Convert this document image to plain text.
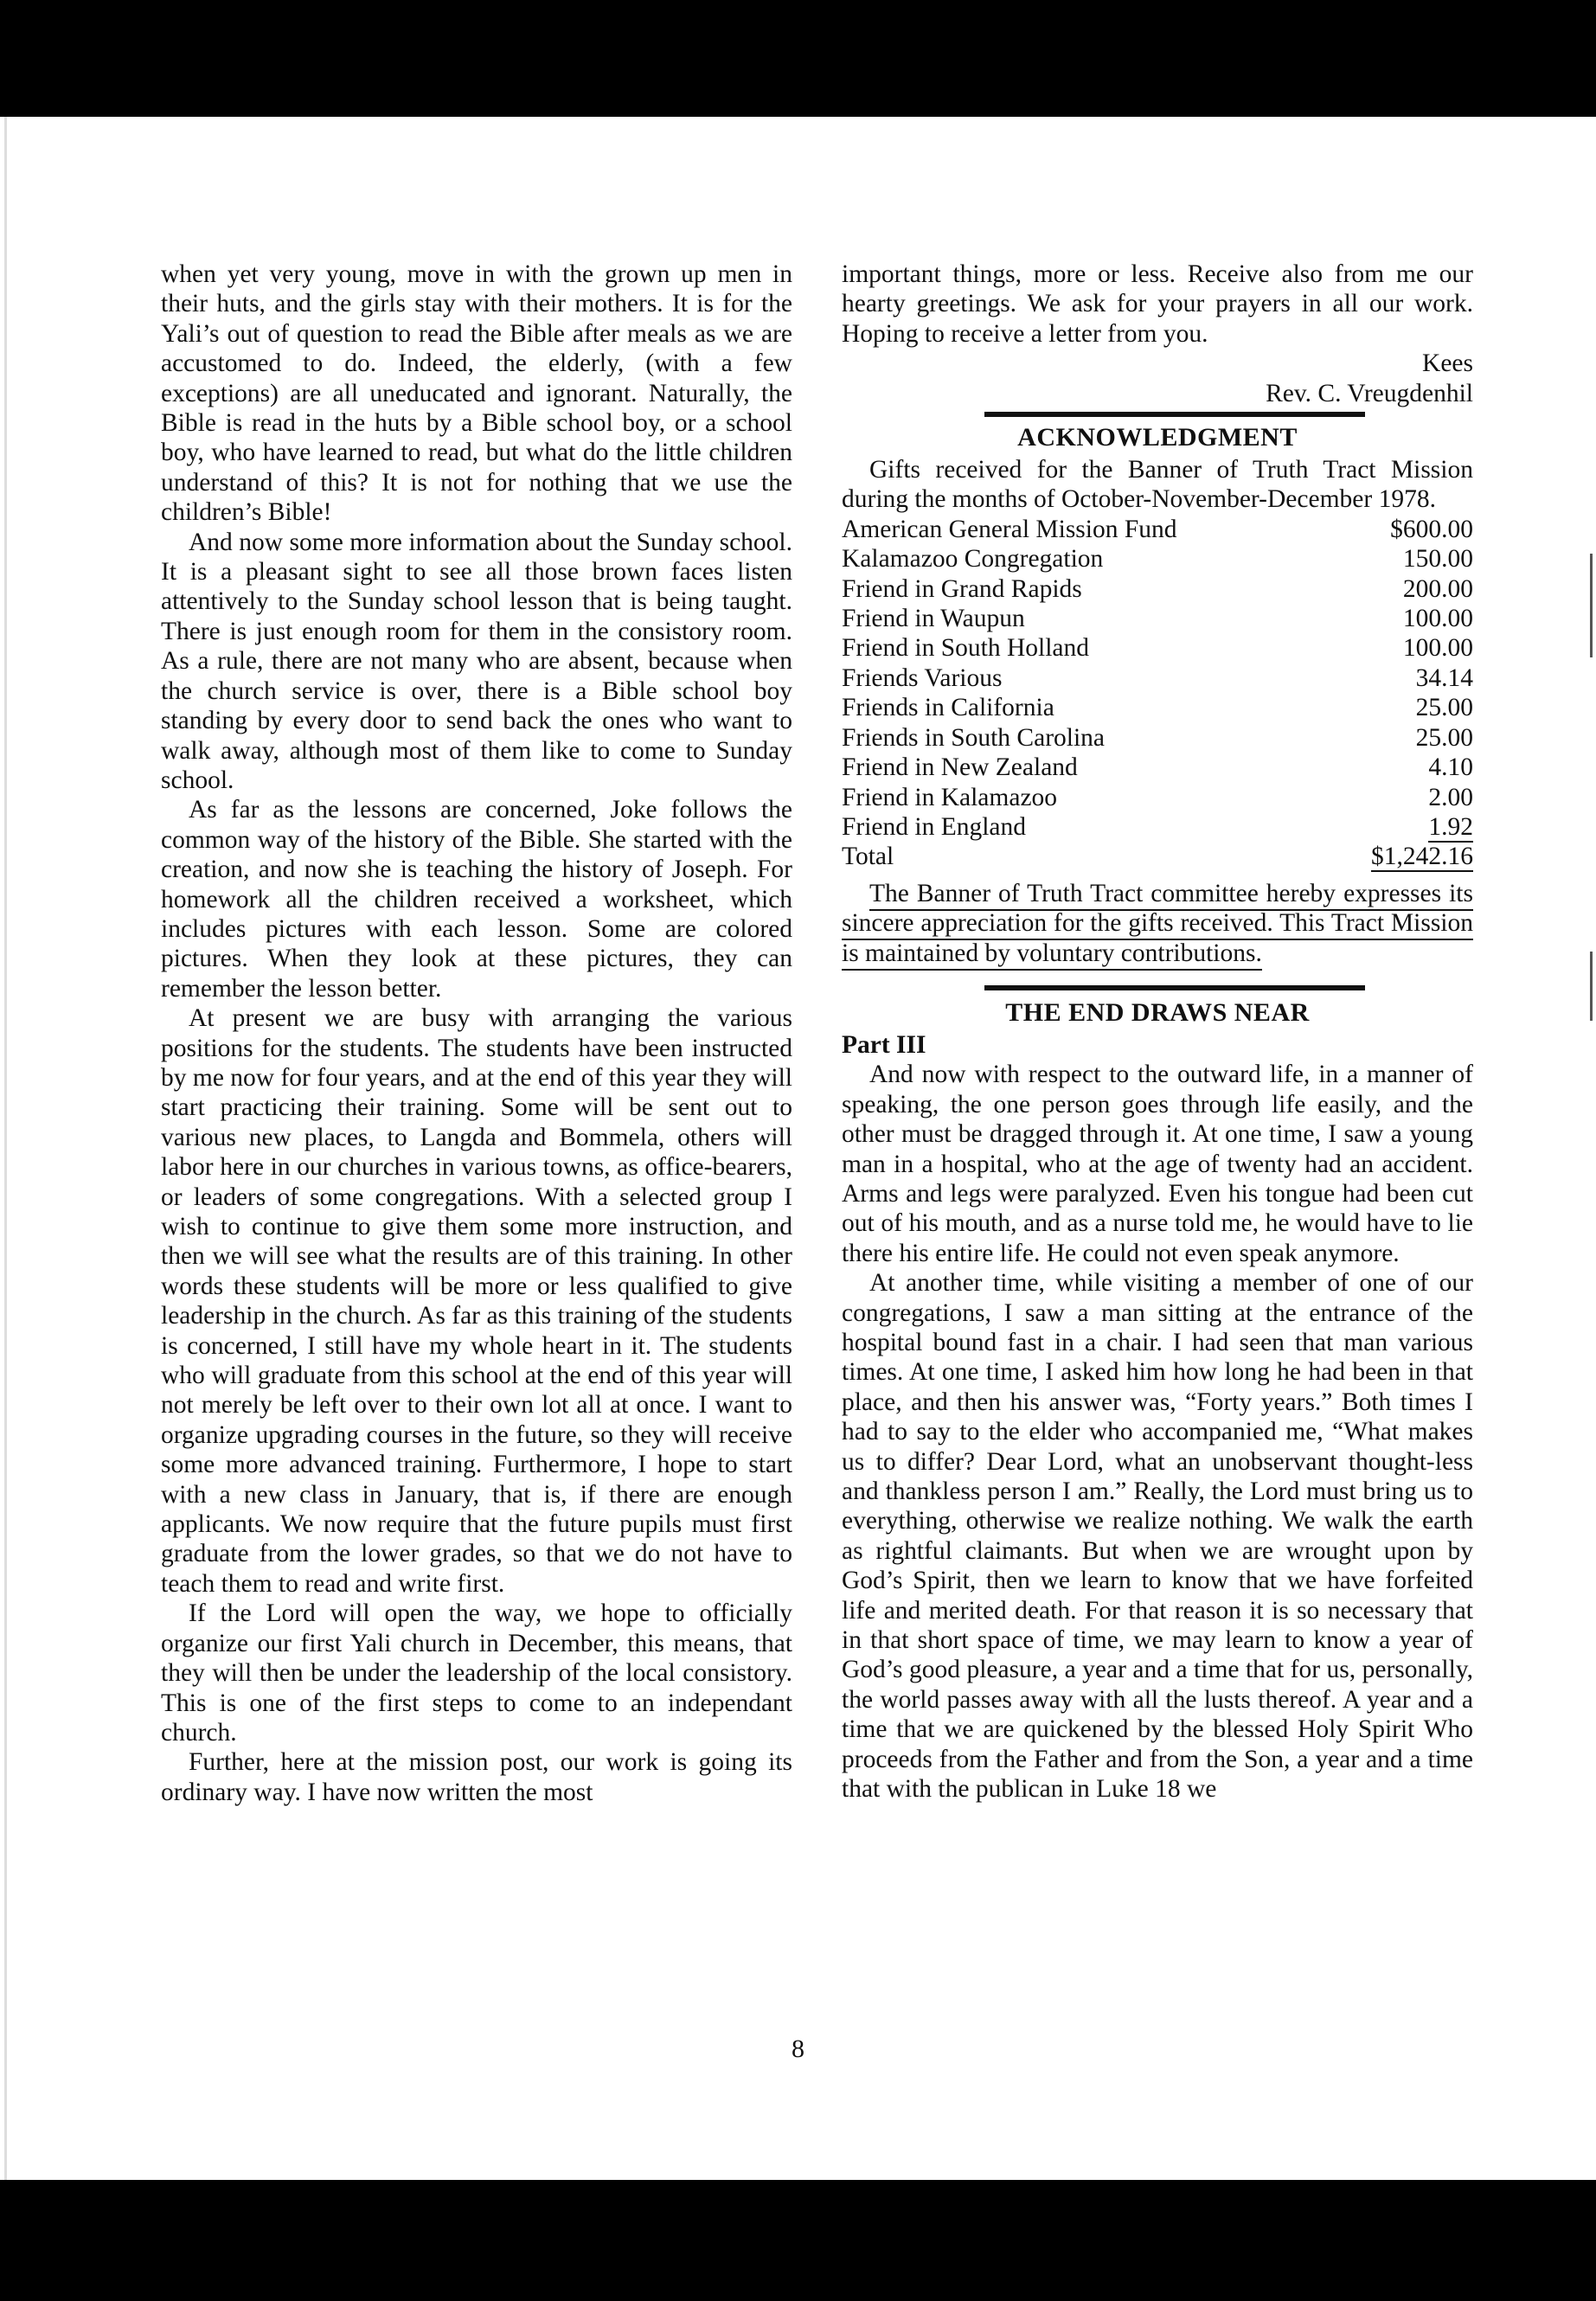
when yet very young, move in with the grown up men in their huts, and the girls stay with their mothers. It is for the Yali’s out of question to read the Bible after meals as we are accustomed to do. Indeed, the elderly, (with a few exceptions) are all uneducated and ignorant. Naturally, the Bible is read in the huts by a Bible school boy, or a school boy, who have learned to read, but what do the little children understand of this? It is not for nothing that we use the children’s Bible!

And now some more information about the Sunday school. It is a pleasant sight to see all those brown faces listen attentively to the Sunday school lesson that is being taught. There is just enough room for them in the consistory room. As a rule, there are not many who are absent, because when the church service is over, there is a Bible school boy standing by every door to send back the ones who want to walk away, although most of them like to come to Sunday school.

As far as the lessons are concerned, Joke follows the common way of the history of the Bible. She started with the creation, and now she is teaching the history of Joseph. For homework all the children received a worksheet, which includes pictures with each lesson. Some are colored pictures. When they look at these pictures, they can remember the lesson better.

At present we are busy with arranging the various positions for the students. The students have been instructed by me now for four years, and at the end of this year they will start practicing their training. Some will be sent out to various new places, to Langda and Bommela, others will labor here in our churches in various towns, as office-bearers, or leaders of some congregations. With a selected group I wish to continue to give them some more instruction, and then we will see what the results are of this training. In other words these students will be more or less qualified to give leadership in the church. As far as this training of the students is concerned, I still have my whole heart in it. The students who will graduate from this school at the end of this year will not merely be left over to their own lot all at once. I want to organize upgrading courses in the future, so they will receive some more advanced training. Furthermore, I hope to start with a new class in January, that is, if there are enough applicants. We now require that the future pupils must first graduate from the lower grades, so that we do not have to teach them to read and write first.

If the Lord will open the way, we hope to officially organize our first Yali church in December, this means, that they will then be under the leadership of the local consistory. This is one of the first steps to come to an independant church.

Further, here at the mission post, our work is going its ordinary way. I have now written the most

important things, more or less. Receive also from me our hearty greetings. We ask for your prayers in all our work. Hoping to receive a letter from you.

Kees

Rev. C. Vreugdenhil

ACKNOWLEDGMENT

Gifts received for the Banner of Truth Tract Mission during the months of October-November-December 1978.

American General Mission Fund	$600.00
Kalamazoo Congregation	150.00
Friend in Grand Rapids	200.00
Friend in Waupun	100.00
Friend in South Holland	100.00
Friends Various	34.14
Friends in California	25.00
Friends in South Carolina	25.00
Friend in New Zealand	4.10
Friend in Kalamazoo	2.00
Friend in England	1.92
Total	$1,242.16

The Banner of Truth Tract committee hereby expresses its sincere appreciation for the gifts received. This Tract Mission is maintained by voluntary contributions.

THE END DRAWS NEAR

Part III

And now with respect to the outward life, in a manner of speaking, the one person goes through life easily, and the other must be dragged through it. At one time, I saw a young man in a hospital, who at the age of twenty had an accident. Arms and legs were paralyzed. Even his tongue had been cut out of his mouth, and as a nurse told me, he would have to lie there his entire life. He could not even speak anymore.

At another time, while visiting a member of one of our congregations, I saw a man sitting at the entrance of the hospital bound fast in a chair. I had seen that man various times. At one time, I asked him how long he had been in that place, and then his answer was, “Forty years.” Both times I had to say to the elder who accompanied me, “What makes us to differ? Dear Lord, what an unobservant thought-less and thankless person I am.” Really, the Lord must bring us to everything, otherwise we realize nothing. We walk the earth as rightful claimants. But when we are wrought upon by God’s Spirit, then we learn to know that we have forfeited life and merited death. For that reason it is so necessary that in that short space of time, we may learn to know a year of God’s good pleasure, a year and a time that for us, personally, the world passes away with all the lusts thereof. A year and a time that we are quickened by the blessed Holy Spirit Who proceeds from the Father and from the Son, a year and a time that with the publican in Luke 18 we

8
